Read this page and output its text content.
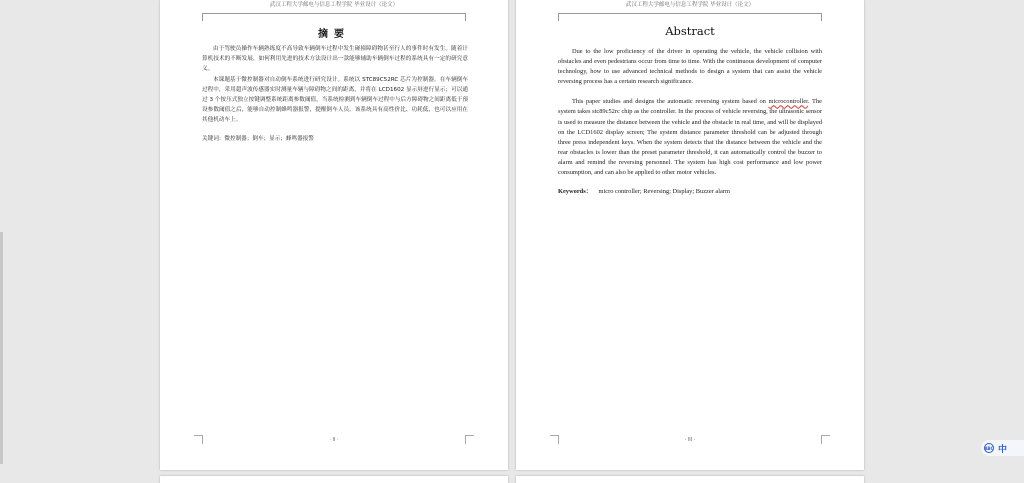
武汉工程大学邮电与信息工程学院 毕业设计（论文）
摘要

由于驾驶员操作车辆熟练度不高导致车辆倒车过程中发生碰撞障碍物甚至行人的事件时有发生。随着计算机技术的不断发展，如何利用先进的技术方法设计出一款能够辅助车辆倒车过程的系统具有一定的研究意义。

本课题基于微控制器对自动倒车系统进行研究设计。系统以 STC89C52RC 芯片为控制器。在车辆倒车过程中，采用超声波传感器实时测量车辆与障碍物之间的距离，并将在 LCD1602 显示屏进行显示；可以通过 3 个按压式独立按键调整系统距离参数阈值，当系统检测到车辆倒车过程中与后方障碍物之间距离低于预设参数阈值之后，能够自动控制蜂鸣器报警，提醒倒车人员。该系统具有高性价比、功耗低，也可以应用在其他机动车上。

关键词：微控制器；倒车；显示；蜂鸣器报警

· II ·
武汉工程大学邮电与信息工程学院 毕业设计（论文）
Abstract

Due to the low proficiency of the driver in operating the vehicle, the vehicle collision with obstacles and even pedestrians occur from time to time. With the continuous development of computer technology, how to use advanced technical methods to design a system that can assist the vehicle reversing process has a certain research significance.

This paper studies and designs the automatic reversing system based on microcontroller. The system takes stc89c52rc chip as the controller. In the process of vehicle reversing, the ultrasonic sensor is used to measure the distance between the vehicle and the obstacle in real time, and will be displayed on the LCD1602 display screen; The system distance parameter threshold can be adjusted through three press independent keys. When the system detects that the distance between the vehicle and the rear obstacles is lower than the preset parameter threshold, it can automatically control the buzzer to alarm and remind the reversing personnel. The system has high cost performance and low power consumption, and can also be applied to other motor vehicles.

Keywords： micro controller; Reversing; Display; Buzzer alarm

· III ·
ABC 中
